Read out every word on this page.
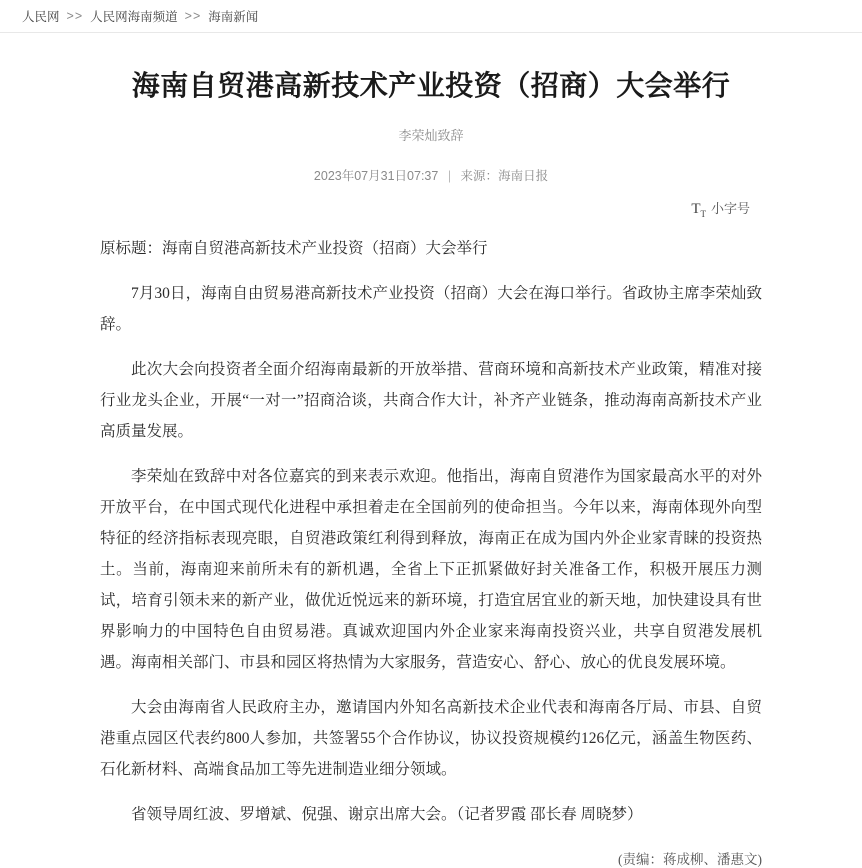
人民网 >> 人民网海南频道 >> 海南新闻
海南自贸港高新技术产业投资（招商）大会举行
李荣灿致辞
2023年07月31日07:37 | 来源：海南日报
$T_T$ 小字号

原标题：海南自贸港高新技术产业投资（招商）大会举行

7月30日，海南自由贸易港高新技术产业投资（招商）大会在海口举行。省政协主席李荣灿致辞。

此次大会向投资者全面介绍海南最新的开放举措、营商环境和高新技术产业政策，精准对接行业龙头企业，开展“一对一”招商洽谈，共商合作大计，补齐产业链条，推动海南高新技术产业高质量发展。

李荣灿在致辞中对各位嘉宾的到来表示欢迎。他指出，海南自贸港作为国家最高水平的对外开放平台，在中国式现代化进程中承担着走在全国前列的使命担当。今年以来，海南体现外向型特征的经济指标表现亮眼，自贸港政策红利得到释放，海南正在成为国内外企业家青睐的投资热土。当前，海南迎来前所未有的新机遇，全省上下正抓紧做好封关准备工作，积极开展压力测试，培育引领未来的新产业，做优近悦远来的新环境，打造宜居宜业的新天地，加快建设具有世界影响力的中国特色自由贸易港。真诚欢迎国内外企业家来海南投资兴业，共享自贸港发展机遇。海南相关部门、市县和园区将热情为大家服务，营造安心、舒心、放心的优良发展环境。

大会由海南省人民政府主办，邀请国内外知名高新技术企业代表和海南各厅局、市县、自贸港重点园区代表约800人参加，共签署55个合作协议，协议投资规模约126亿元，涵盖生物医药、石化新材料、高端食品加工等先进制造业细分领域。

省领导周红波、罗增斌、倪强、谢京出席大会。（记者罗霞 邵长春 周晓梦）

(责编：蒋成柳、潘惠文)
